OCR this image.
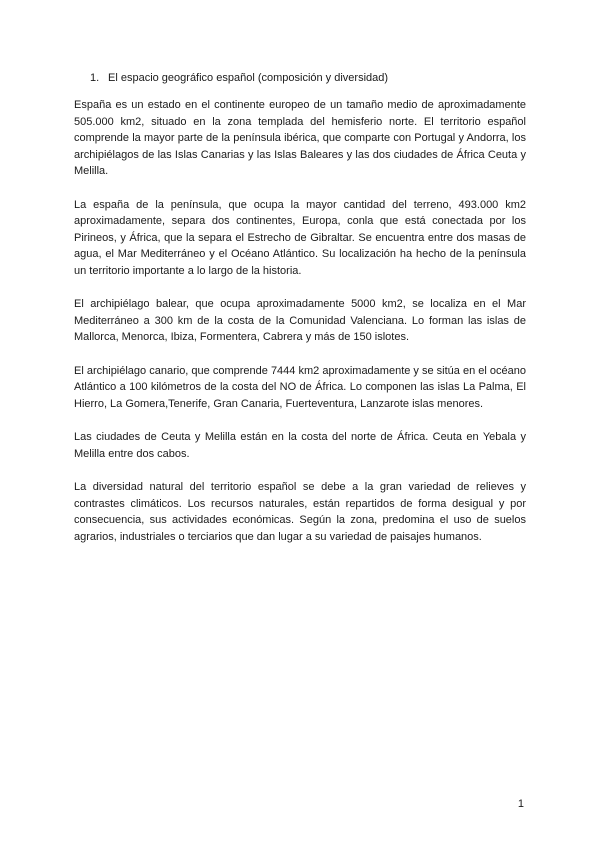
1. El espacio geográfico español (composición y diversidad)

España es un estado en el continente europeo de un tamaño medio de aproximadamente 505.000 km2, situado en la zona templada del hemisferio norte. El territorio español comprende la mayor parte de la península ibérica, que comparte con Portugal y Andorra, los archipiélagos de las Islas Canarias y las Islas Baleares y las dos ciudades de África Ceuta y Melilla.

La españa de la península, que ocupa la mayor cantidad del terreno, 493.000 km2 aproximadamente, separa dos continentes, Europa, conla que está conectada por los Pirineos, y África, que la separa el Estrecho de Gibraltar. Se encuentra entre dos masas de agua, el Mar Mediterráneo y el Océano Atlántico. Su localización ha hecho de la península un territorio importante a lo largo de la historia.

El archipiélago balear, que ocupa aproximadamente 5000 km2, se localiza en el Mar Mediterráneo a 300 km de la costa de la Comunidad Valenciana. Lo forman las islas de Mallorca, Menorca, Ibiza, Formentera, Cabrera y más de 150 islotes.

El archipiélago canario, que comprende 7444 km2 aproximadamente y se sitúa en el océano Atlántico a 100 kilómetros de la costa del NO de África. Lo componen las islas La Palma, El Hierro, La Gomera,Tenerife, Gran Canaria, Fuerteventura, Lanzarote islas menores.

Las ciudades de Ceuta y Melilla están en la costa del norte de África. Ceuta en Yebala y Melilla entre dos cabos.

La diversidad natural del territorio español se debe a la gran variedad de relieves y contrastes climáticos. Los recursos naturales, están repartidos de forma desigual y por consecuencia, sus actividades económicas. Según la zona, predomina el uso de suelos agrarios, industriales o terciarios que dan lugar a su variedad de paisajes humanos.

1
